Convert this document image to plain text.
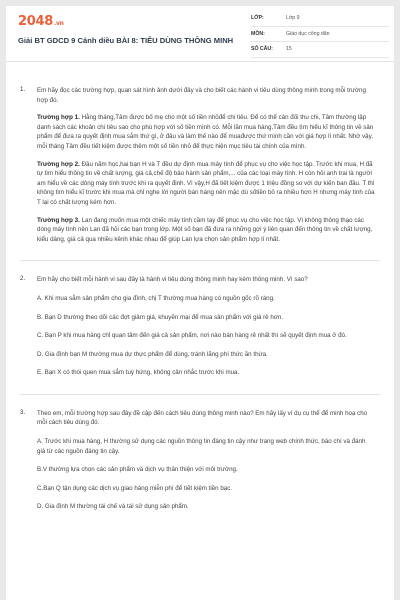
2048.vn
Giải BT GDCD 9 Cánh diều BÀI 8: TIÊU DÙNG THÔNG MINH
LỚP:	Lớp 9
MÔN:	Giáo dục công dân
SỐ CÂU:	15
1. Em hãy đọc các trường hợp, quan sát hình ảnh dưới đây và cho biết các hành vi tiêu dùng thông minh trong mỗi trường hợp đó.
Trường hợp 1. Hằng tháng,Tâm được bố mẹ cho một số tiền nhỏđể chi tiêu. Để có thể cân đối thu chi, Tâm thường lập danh sách các khoản chi tiêu sao cho phù hợp với số tiền mình có. Mỗi lần mua hàng,Tâm đều tìm hiểu kĩ thông tin về sản phẩm để đưa ra quyết định mua sắm thứ gì, ở đâu và làm thế nào để muađược thứ mình cần với giá hợp lí nhất. Nhờ vậy, mỗi tháng Tâm đều tiết kiệm được thêm một số tiền nhỏ để thực hiện mục tiêu tài chính của mình.
Trường hợp 2. Đầu năm học,hai bạn H và T đều dự định mua máy tính để phục vụ cho việc học tập. Trước khi mua, H đã tự tìm hiểu thông tin về chất lượng, giá cả,chế độ bảo hành sản phẩm,... của các loại máy tính. H còn hỏi anh trai là người am hiểu về các dòng máy tính trước khi ra quyết định. Vì vậy,H đã tiết kiệm được 1 triệu đồng so với dự kiến ban đầu. T thì không tìm hiểu kĩ trước khi mua mà chỉ nghe lời người bán hàng nên mặc dù sốtiền bỏ ra nhiều hơn H nhưng máy tính của T lại có chất lượng kém hơn.
Trường hợp 3. Lan đang muốn mua một chiếc máy tính cầm tay để phục vụ cho việc học tập. Vì không thông thạo các dòng máy tính nên Lan đã hỏi các bạn trong lớp. Một số bạn đã đưa ra những gợi ý liên quan đến thông tin về chất lượng, kiểu dáng, giá cả qua nhiều kênh khác nhau để giúp Lan lựa chọn sản phẩm hợp lí nhất.
2. Em hãy cho biết mỗi hành vi sau đây là hành vi tiêu dùng thông minh hay kém thông minh. Vì sao?
A. Khi mua sắm sản phẩm cho gia đình, chị T thường mua hàng có nguồn gốc rõ ràng.
B. Bạn D thường theo dõi các đợt giảm giá, khuyến mại để mua sản phẩm với giá rẻ hơn.
C. Bạn P khi mua hàng chỉ quan tâm đến giá cả sản phẩm, nơi nào bán hàng rẻ nhất thì sẽ quyết định mua ở đó.
D. Gia đình bạn M thường mua dự thực phẩm để dùng, tránh lãng phí thức ăn thừa.
E. Bạn X có thói quen mua sắm tuỳ hứng, không cân nhắc trước khi mua.
3. Theo em, mỗi trường hợp sau đây đề cập đến cách tiêu dùng thông minh nào? Em hãy lấy ví dụ cụ thể để minh hoạ cho mỗi cách tiêu dùng đó.
A. Trước khi mua hàng, H thường sử dụng các nguồn thông tin đáng tin cậy như trang web chính thức, báo chí và đánh giá từ các nguồn đáng tin cậy.
B.V thường lựa chọn các sản phẩm và dịch vụ thân thiện với môi trường.
C.Bạn Q tận dụng các dịch vụ giao hàng miễn phí để tiết kiệm tiền bạc.
D. Gia đình M thường tái chế và tái sử dụng sản phẩm.
